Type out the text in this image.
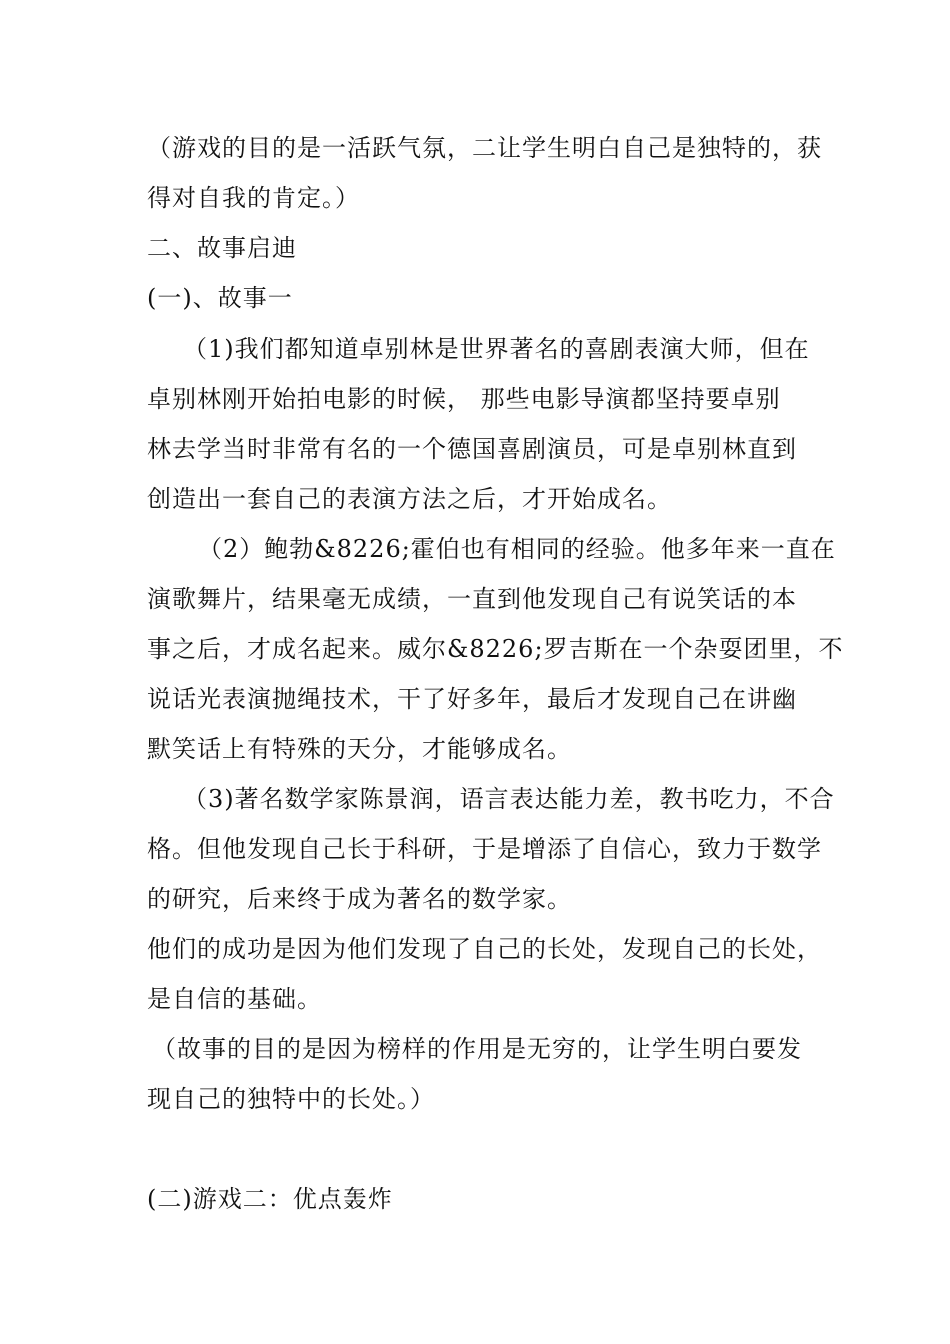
（游戏的目的是一活跃气氛，二让学生明白自己是独特的，获
得对自我的肯定。）
二、故事启迪
(一)、故事一
（1)我们都知道卓别林是世界著名的喜剧表演大师，但在
卓别林刚开始拍电影的时候， 那些电影导演都坚持要卓别
林去学当时非常有名的一个德国喜剧演员，可是卓别林直到
创造出一套自己的表演方法之后，才开始成名。
（2）鲍勃&8226;霍伯也有相同的经验。他多年来一直在
演歌舞片，结果毫无成绩，一直到他发现自己有说笑话的本
事之后，才成名起来。威尔&8226;罗吉斯在一个杂耍团里，不
说话光表演抛绳技术，干了好多年，最后才发现自己在讲幽
默笑话上有特殊的天分，才能够成名。
（3)著名数学家陈景润，语言表达能力差，教书吃力，不合
格。但他发现自己长于科研，于是增添了自信心，致力于数学
的研究，后来终于成为著名的数学家。
他们的成功是因为他们发现了自己的长处，发现自己的长处，
是自信的基础。
（故事的目的是因为榜样的作用是无穷的，让学生明白要发
现自己的独特中的长处。）
(二)游戏二：优点轰炸
